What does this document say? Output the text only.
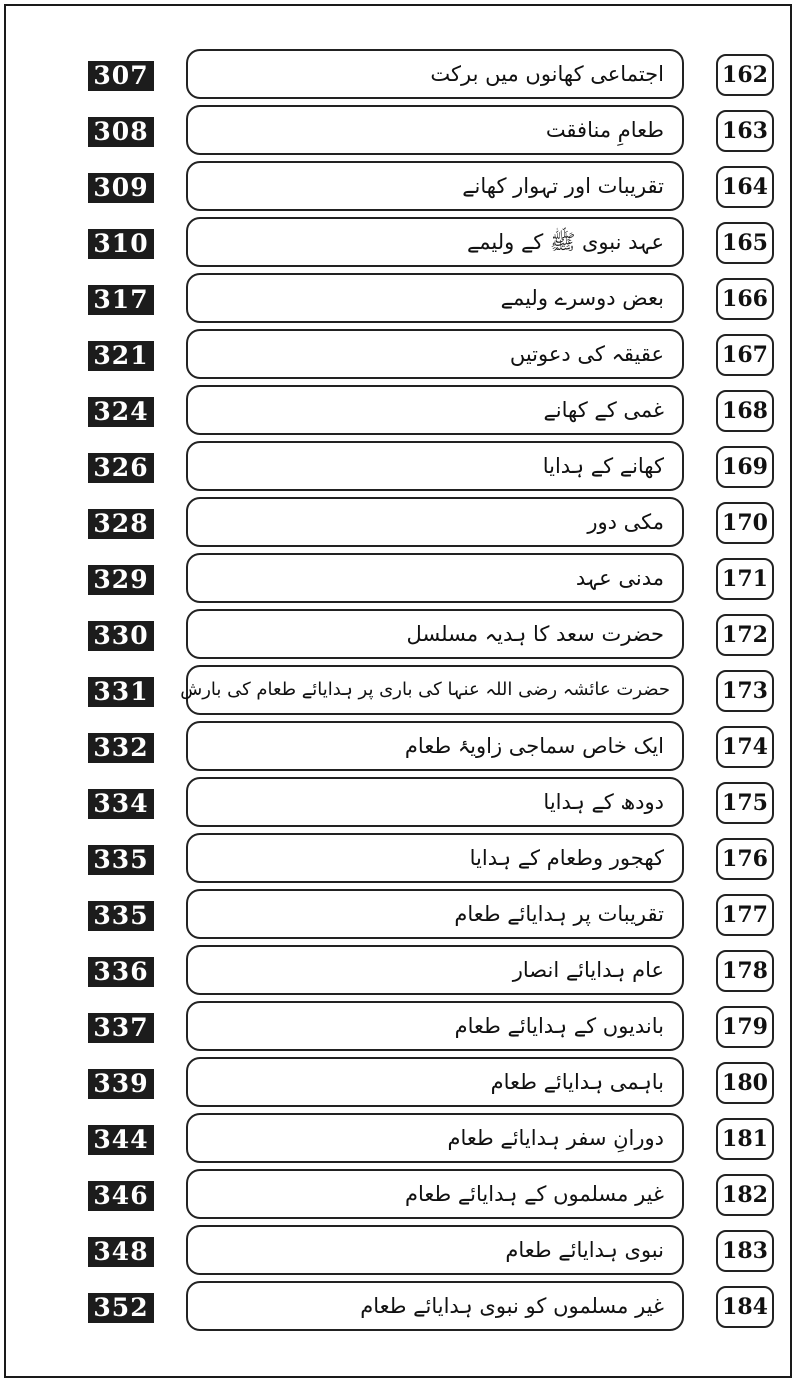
307	اجتماعی کھانوں میں برکت	162
308	طعامِ منافقت	163
309	تقریبات اور تہوار کھانے	164
310	عہد نبوی ﷺ کے ولیمے	165
317	بعض دوسرے ولیمے	166
321	عقیقہ کی دعوتیں	167
324	غمی کے کھانے	168
326	کھانے کے ہدایا	169
328	مکی دور	170
329	مدنی عہد	171
330	حضرت سعد کا ہدیہ مسلسل	172
331	حضرت عائشہ رضی اللہ عنہا کی باری پر ہدایائے طعام کی بارش 173
332	ایک خاص سماجی زاویۂ طعام	174
334	دودھ کے ہدایا	175
335	کھجور وطعام کے ہدایا	176
335	تقریبات پر ہدایائے طعام	177
336	عام ہدایائے انصار	178
337	باندیوں کے ہدایائے طعام	179
339	باہمی ہدایائے طعام	180
344	دورانِ سفر ہدایائے طعام	181
346	غیر مسلموں کے ہدایائے طعام	182
348	نبوی ہدایائے طعام	183
352	غیر مسلموں کو نبوی ہدایائے طعام	184
